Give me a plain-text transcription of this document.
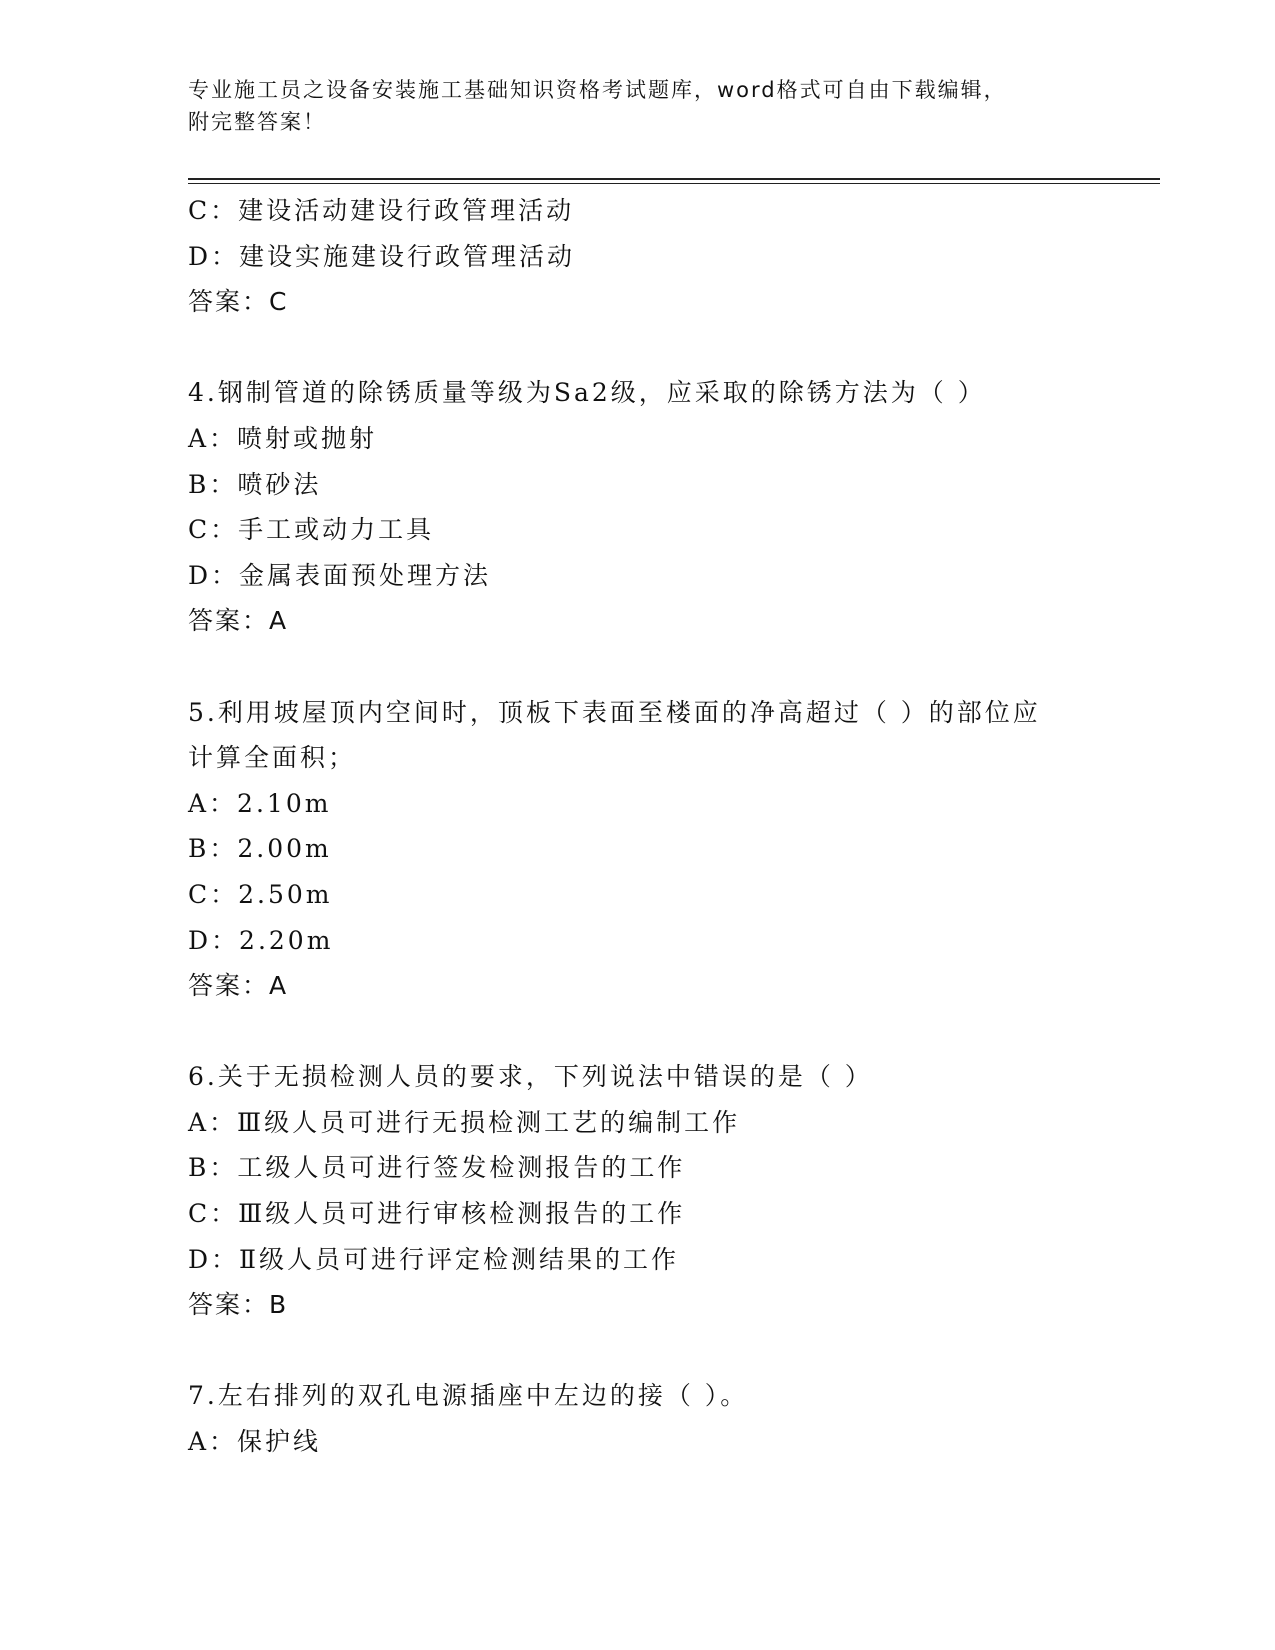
专业施工员之设备安装施工基础知识资格考试题库，word格式可自由下载编辑，
附完整答案！
C：建设活动建设行政管理活动
D：建设实施建设行政管理活动
答案：C
4.钢制管道的除锈质量等级为Sa2级，应采取的除锈方法为（ ）
A：喷射或抛射
B：喷砂法
C：手工或动力工具
D：金属表面预处理方法
答案：A
5.利用坡屋顶内空间时，顶板下表面至楼面的净高超过（ ）的部位应
计算全面积；
A：2.10m
B：2.00m
C：2.50m
D：2.20m
答案：A
6.关于无损检测人员的要求，下列说法中错误的是（ ）
A：Ⅲ级人员可进行无损检测工艺的编制工作
B：工级人员可进行签发检测报告的工作
C：Ⅲ级人员可进行审核检测报告的工作
D：Ⅱ级人员可进行评定检测结果的工作
答案：B
7.左右排列的双孔电源插座中左边的接（ ）。
A：保护线
